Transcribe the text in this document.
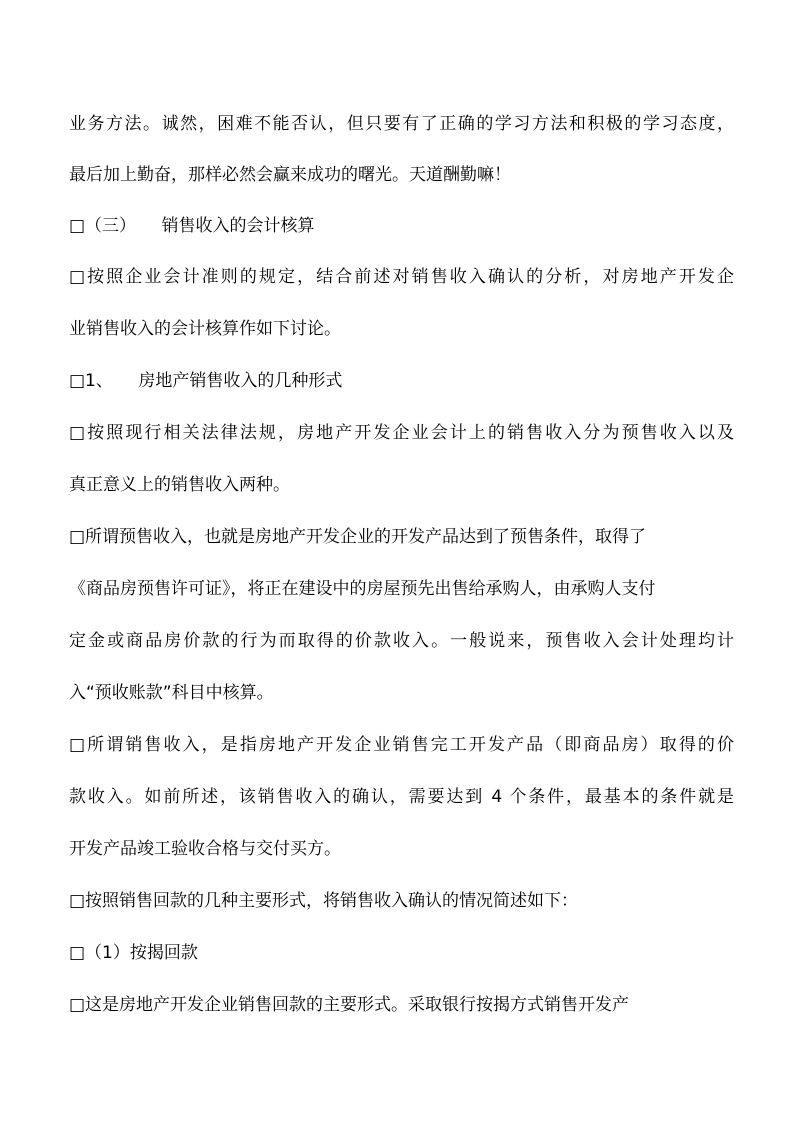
业务方法。诚然，困难不能否认，但只要有了正确的学习方法和积极的学习态度，
最后加上勤奋，那样必然会赢来成功的曙光。天道酬勤嘛！
□（三）　　销售收入的会计核算
□按照企业会计准则的规定，结合前述对销售收入确认的分析，对房地产开发企
业销售收入的会计核算作如下讨论。
□1、　　房地产销售收入的几种形式
□按照现行相关法律法规，房地产开发企业会计上的销售收入分为预售收入以及
真正意义上的销售收入两种。
□所谓预售收入，也就是房地产开发企业的开发产品达到了预售条件，取得了
《商品房预售许可证》，将正在建设中的房屋预先出售给承购人，由承购人支付
定金或商品房价款的行为而取得的价款收入。一般说来，预售收入会计处理均计
入“预收账款”科目中核算。
□所谓销售收入，是指房地产开发企业销售完工开发产品（即商品房）取得的价
款收入。如前所述，该销售收入的确认，需要达到 4 个条件，最基本的条件就是
开发产品竣工验收合格与交付买方。
□按照销售回款的几种主要形式，将销售收入确认的情况简述如下：
□（1）按揭回款
□这是房地产开发企业销售回款的主要形式。采取银行按揭方式销售开发产
